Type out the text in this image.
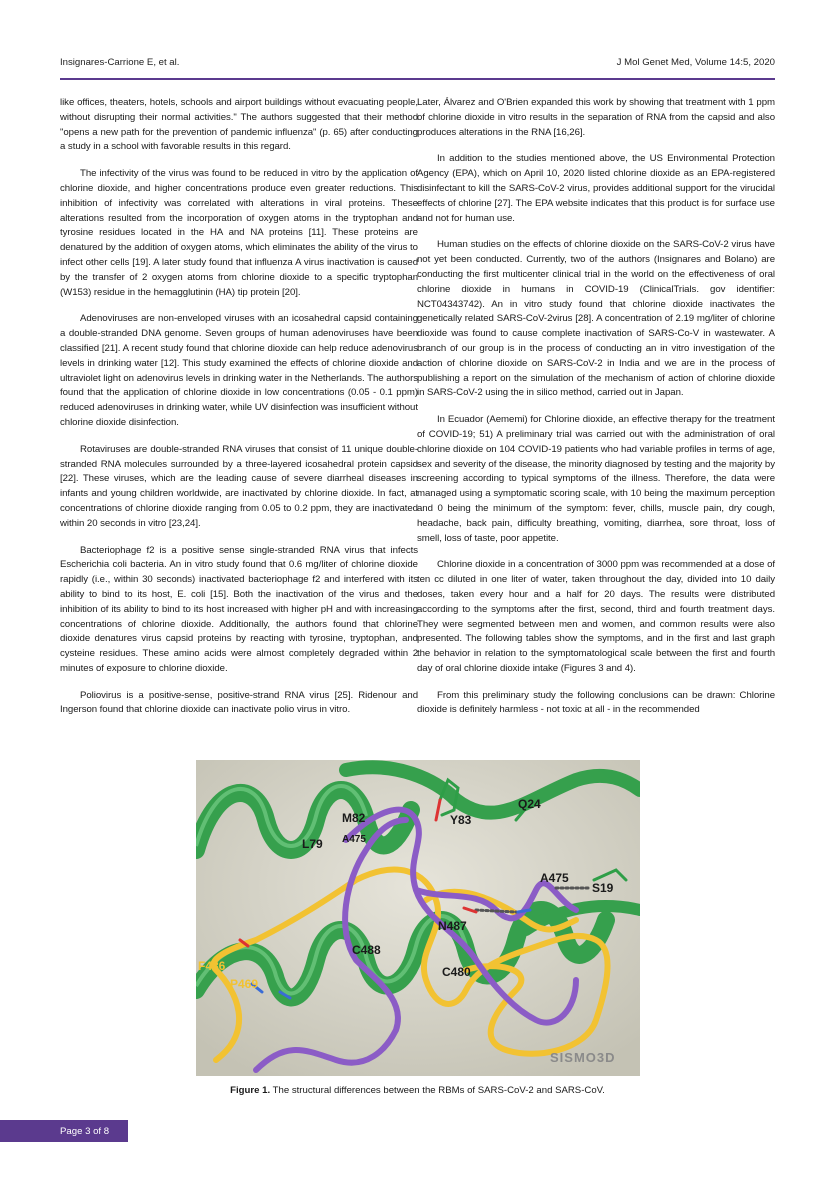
Insignares-Carrione E, et al.	J Mol Genet Med, Volume 14:5, 2020

like offices, theaters, hotels, schools and airport buildings without evacuating people, without disrupting their normal activities." The authors suggested that their method "opens a new path for the prevention of pandemic influenza" (p. 65) after conducting a study in a school with favorable results in this regard.

The infectivity of the virus was found to be reduced in vitro by the application of chlorine dioxide, and higher concentrations produce even greater reductions. This inhibition of infectivity was correlated with alterations in viral proteins. These alterations resulted from the incorporation of oxygen atoms in the tryptophan and tyrosine residues located in the HA and NA proteins [11]. These proteins are denatured by the addition of oxygen atoms, which eliminates the ability of the virus to infect other cells [19]. A later study found that influenza A virus inactivation is caused by the transfer of 2 oxygen atoms from chlorine dioxide to a specific tryptophan (W153) residue in the hemagglutinin (HA) tip protein [20].

Adenoviruses are non-enveloped viruses with an icosahedral capsid containing a double-stranded DNA genome. Seven groups of human adenoviruses have been classified [21]. A recent study found that chlorine dioxide can help reduce adenovirus levels in drinking water [12]. This study examined the effects of chlorine dioxide and ultraviolet light on adenovirus levels in drinking water in the Netherlands. The authors found that the application of chlorine dioxide in low concentrations (0.05 - 0.1 ppm) reduced adenoviruses in drinking water, while UV disinfection was insufficient without chlorine dioxide disinfection.

Rotaviruses are double-stranded RNA viruses that consist of 11 unique double-stranded RNA molecules surrounded by a three-layered icosahedral protein capsid [22]. These viruses, which are the leading cause of severe diarrheal diseases in infants and young children worldwide, are inactivated by chlorine dioxide. In fact, at concentrations of chlorine dioxide ranging from 0.05 to 0.2 ppm, they are inactivated within 20 seconds in vitro [23,24].

Bacteriophage f2 is a positive sense single-stranded RNA virus that infects Escherichia coli bacteria. An in vitro study found that 0.6 mg/liter of chlorine dioxide rapidly (i.e., within 30 seconds) inactivated bacteriophage f2 and interfered with its ability to bind to its host, E. coli [15]. Both the inactivation of the virus and the inhibition of its ability to bind to its host increased with higher pH and with increasing concentrations of chlorine dioxide. Additionally, the authors found that chlorine dioxide denatures virus capsid proteins by reacting with tyrosine, tryptophan, and cysteine residues. These amino acids were almost completely degraded within 2 minutes of exposure to chlorine dioxide.

Poliovirus is a positive-sense, positive-strand RNA virus [25]. Ridenour and Ingerson found that chlorine dioxide can inactivate polio virus in vitro.

Later, Álvarez and O'Brien expanded this work by showing that treatment with 1 ppm of chlorine dioxide in vitro results in the separation of RNA from the capsid and also produces alterations in the RNA [16,26].

In addition to the studies mentioned above, the US Environmental Protection Agency (EPA), which on April 10, 2020 listed chlorine dioxide as an EPA-registered disinfectant to kill the SARS-CoV-2 virus, provides additional support for the virucidal effects of chlorine [27]. The EPA website indicates that this product is for surface use and not for human use.

Human studies on the effects of chlorine dioxide on the SARS-CoV-2 virus have not yet been conducted. Currently, two of the authors (Insignares and Bolano) are conducting the first multicenter clinical trial in the world on the effectiveness of oral chlorine dioxide in humans in COVID-19 (ClinicalTrials. gov identifier: NCT04343742). An in vitro study found that chlorine dioxide inactivates the genetically related SARS-CoV-2virus [28]. A concentration of 2.19 mg/liter of chlorine dioxide was found to cause complete inactivation of SARS-Co-V in wastewater. A branch of our group is in the process of conducting an in vitro investigation of the action of chlorine dioxide on SARS-CoV-2 in India and we are in the process of publishing a report on the simulation of the mechanism of action of chlorine dioxide in SARS-CoV-2 using the in silico method, carried out in Japan.

In Ecuador (Aememi) for Chlorine dioxide, an effective therapy for the treatment of COVID-19; 51) A preliminary trial was carried out with the administration of oral chlorine dioxide on 104 COVID-19 patients who had variable profiles in terms of age, sex and severity of the disease, the minority diagnosed by testing and the majority by screening according to typical symptoms of the illness. Therefore, the data were managed using a symptomatic scoring scale, with 10 being the maximum perception and 0 being the minimum of the symptom: fever, chills, muscle pain, dry cough, headache, back pain, difficulty breathing, vomiting, diarrhea, sore throat, loss of smell, loss of taste, poor appetite.

Chlorine dioxide in a concentration of 3000 ppm was recommended at a dose of ten cc diluted in one liter of water, taken throughout the day, divided into 10 daily doses, taken every hour and a half for 20 days. The results were distributed according to the symptoms after the first, second, third and fourth treatment days. They were segmented between men and women, and common results were also presented. The following tables show the symptoms, and in the first and last graph the behavior in relation to the symptomatological scale between the first and fourth day of oral chlorine dioxide intake (Figures 3 and 4).

From this preliminary study the following conclusions can be drawn: Chlorine dioxide is definitely harmless - not toxic at all - in the recommended

M82	Y83
Q24
L79 A475
A475
S19
N487
C488
C480
F486
P469
SISMO3D
Figure 1. The structural differences between the RBMs of SARS-CoV-2 and SARS-CoV.
Page 3 of 8
